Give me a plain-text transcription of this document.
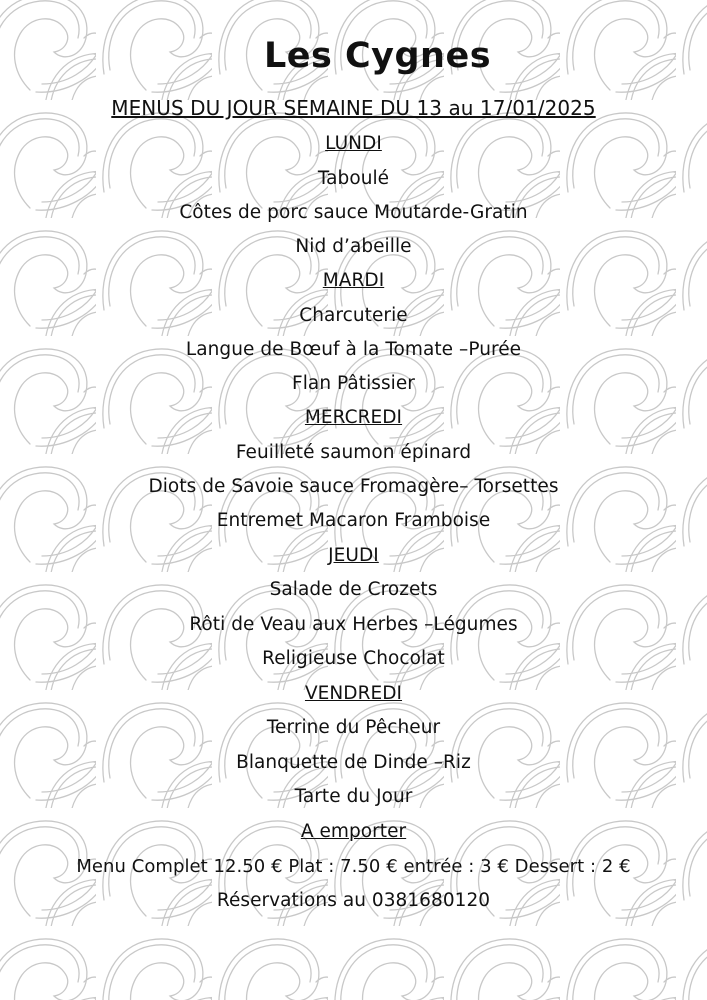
Les Cygnes
MENUS DU JOUR SEMAINE DU 13 au 17/01/2025
LUNDI
Taboulé
Côtes de porc sauce Moutarde-Gratin
Nid d’abeille
MARDI
Charcuterie
Langue de Bœuf à la Tomate –Purée
Flan Pâtissier
MERCREDI
Feuilleté saumon épinard
Diots de Savoie sauce Fromagère– Torsettes
Entremet Macaron Framboise
JEUDI
Salade de Crozets
Rôti de Veau aux Herbes –Légumes
Religieuse Chocolat
VENDREDI
Terrine du Pêcheur
Blanquette de Dinde –Riz
Tarte du Jour
A emporter
Menu Complet 12.50 € Plat : 7.50 € entrée : 3 € Dessert : 2 €
Réservations au 0381680120
